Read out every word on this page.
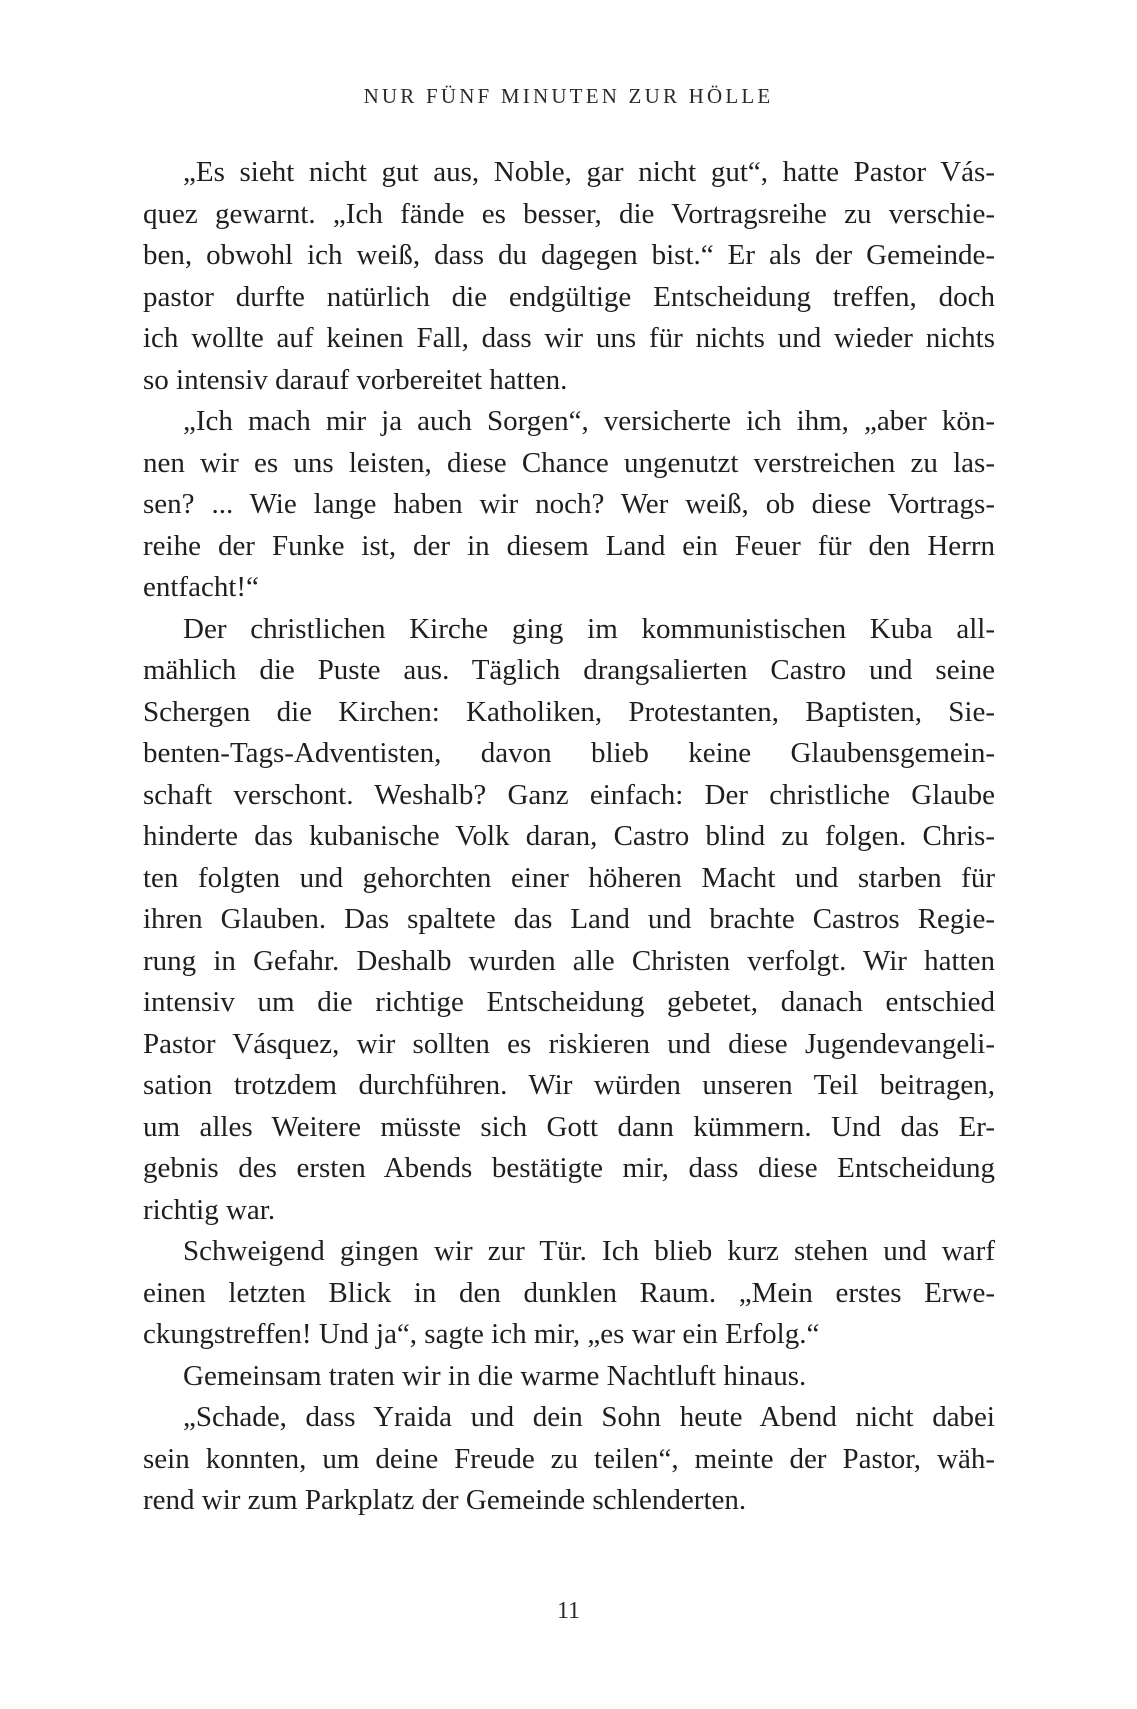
NUR FÜNF MINUTEN ZUR HÖLLE
„Es sieht nicht gut aus, Noble, gar nicht gut“, hatte Pastor Vás-
quez gewarnt. „Ich fände es besser, die Vortragsreihe zu verschie-
ben, obwohl ich weiß, dass du dagegen bist.“ Er als der Gemeinde-
pastor durfte natürlich die endgültige Entscheidung treffen, doch
ich wollte auf keinen Fall, dass wir uns für nichts und wieder nichts
so intensiv darauf vorbereitet hatten.
„Ich mach mir ja auch Sorgen“, versicherte ich ihm, „aber kön-
nen wir es uns leisten, diese Chance ungenutzt verstreichen zu las-
sen? ... Wie lange haben wir noch? Wer weiß, ob diese Vortrags-
reihe der Funke ist, der in diesem Land ein Feuer für den Herrn
entfacht!“
Der christlichen Kirche ging im kommunistischen Kuba all-
mählich die Puste aus. Täglich drangsalierten Castro und seine
Schergen die Kirchen: Katholiken, Protestanten, Baptisten, Sie-
benten-Tags-Adventisten, davon blieb keine Glaubensgemein-
schaft verschont. Weshalb? Ganz einfach: Der christliche Glaube
hinderte das kubanische Volk daran, Castro blind zu folgen. Chris-
ten folgten und gehorchten einer höheren Macht und starben für
ihren Glauben. Das spaltete das Land und brachte Castros Regie-
rung in Gefahr. Deshalb wurden alle Christen verfolgt. Wir hatten
intensiv um die richtige Entscheidung gebetet, danach entschied
Pastor Vásquez, wir sollten es riskieren und diese Jugendevangeli-
sation trotzdem durchführen. Wir würden unseren Teil beitragen,
um alles Weitere müsste sich Gott dann kümmern. Und das Er-
gebnis des ersten Abends bestätigte mir, dass diese Entscheidung
richtig war.
Schweigend gingen wir zur Tür. Ich blieb kurz stehen und warf
einen letzten Blick in den dunklen Raum. „Mein erstes Erwe-
ckungstreffen! Und ja“, sagte ich mir, „es war ein Erfolg.“
Gemeinsam traten wir in die warme Nachtluft hinaus.
„Schade, dass Yraida und dein Sohn heute Abend nicht dabei
sein konnten, um deine Freude zu teilen“, meinte der Pastor, wäh-
rend wir zum Parkplatz der Gemeinde schlenderten.
11
